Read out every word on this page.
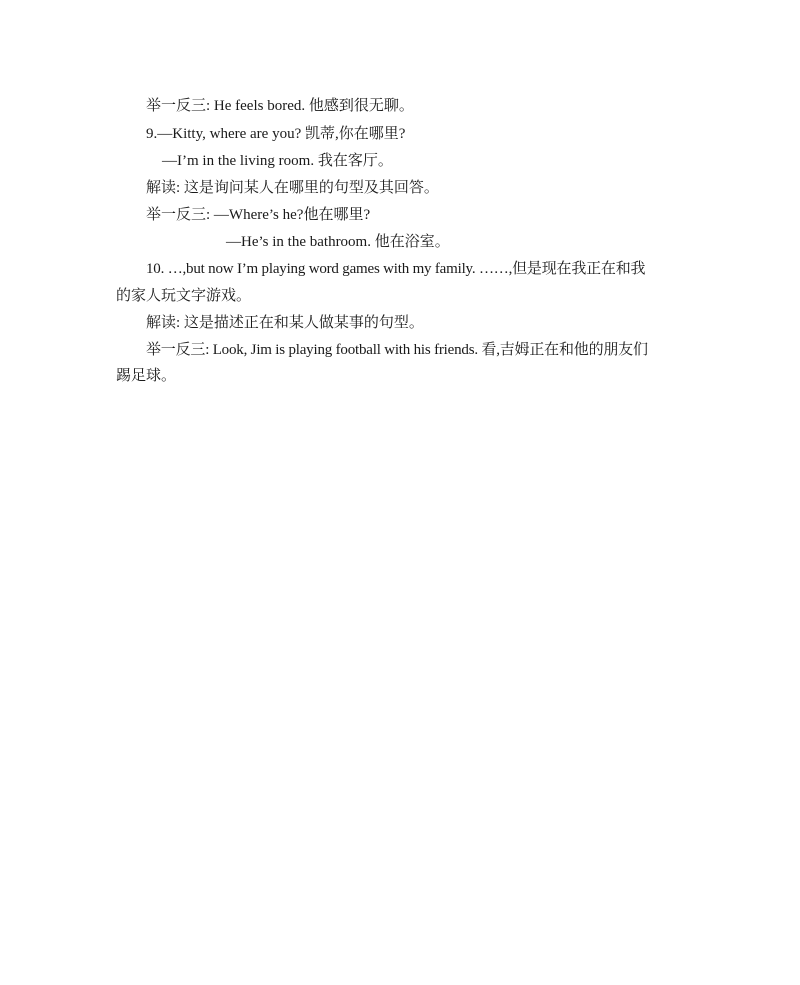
举一反三: He feels bored. 他感到很无聊。
9.—Kitty, where are you? 凯蒂,你在哪里?
—I’m in the living room. 我在客厅。
解读: 这是询问某人在哪里的句型及其回答。
举一反三: —Where’s he?他在哪里?
—He’s in the bathroom. 他在浴室。
10. …,but now I’m playing word games with my family. ……,但是现在我正在和我
的家人玩文字游戏。
解读: 这是描述正在和某人做某事的句型。
举一反三: Look, Jim is playing football with his friends. 看,吉姆正在和他的朋友们
踢足球。
